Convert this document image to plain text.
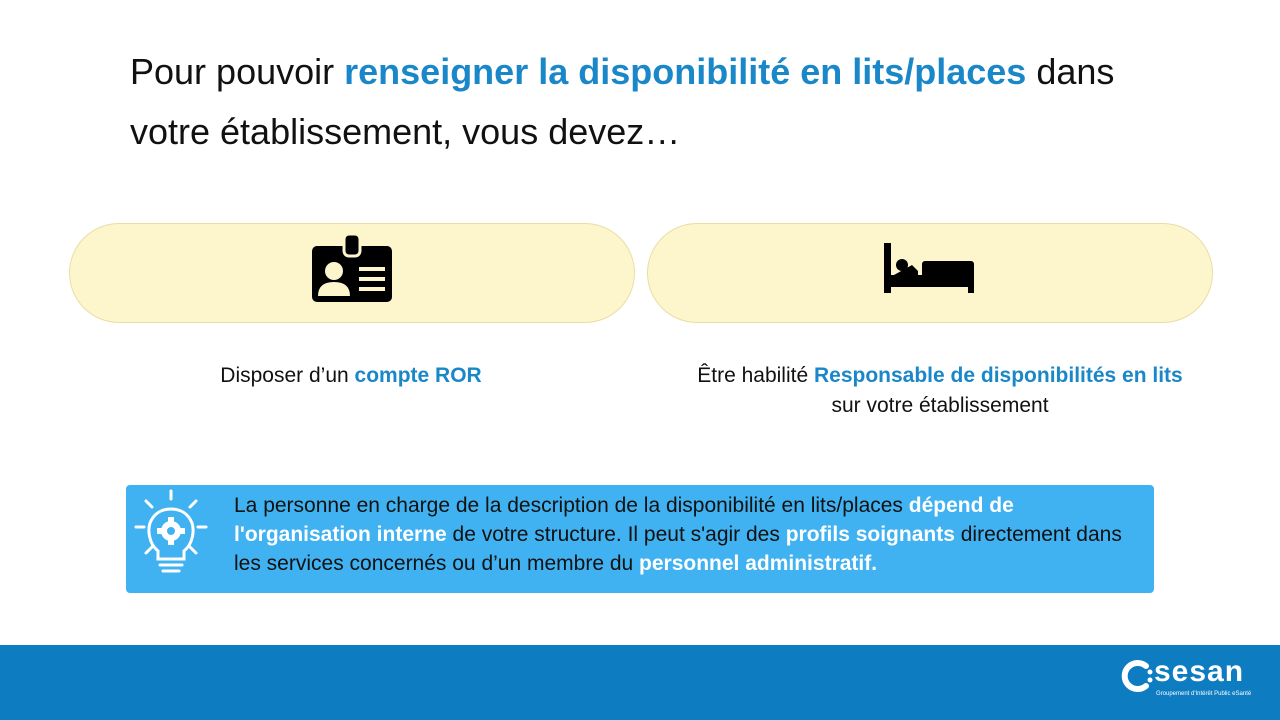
Pour pouvoir renseigner la disponibilité en lits/places dans votre établissement, vous devez…
Disposer d’un compte ROR	Être habilité Responsable de disponibilités en lits
sur votre établissement
La personne en charge de la description de la disponibilité en lits/places dépend de l'organisation interne de votre structure. Il peut s'agir des profils soignants directement dans les services concernés ou d’un membre du personnel administratif.
sesan
Groupement d'Intérêt Public eSanté
